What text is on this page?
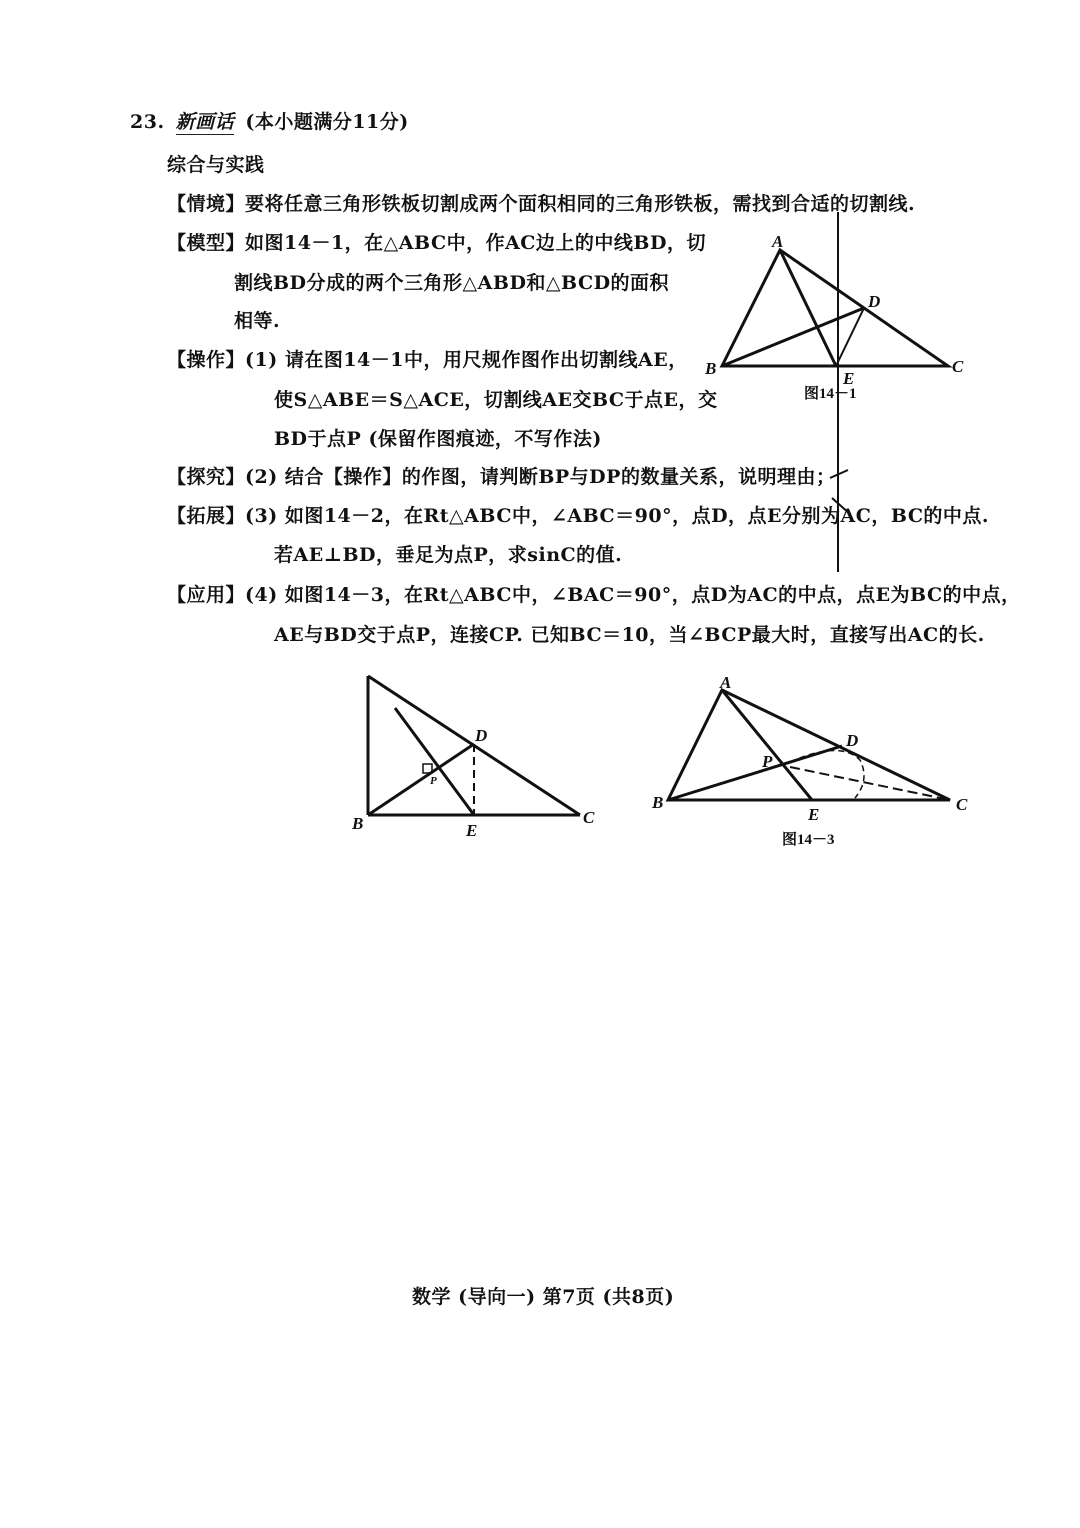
23. 新画话 (本小题满分11分)
综合与实践
【情境】要将任意三角形铁板切割成两个面积相同的三角形铁板，需找到合适的切割线.
【模型】如图14－1，在△ABC中，作AC边上的中线BD，切
割线BD分成的两个三角形△ABD和△BCD的面积
相等.
【操作】(1) 请在图14－1中，用尺规作图作出切割线AE，
使S△ABE＝S△ACE，切割线AE交BC于点E，交
BD于点P (保留作图痕迹，不写作法)
【探究】(2) 结合【操作】的作图，请判断BP与DP的数量关系，说明理由；
【拓展】(3) 如图14－2，在Rt△ABC中，∠ABC＝90°，点D，点E分别为AC，BC的中点.
若AE⊥BD，垂足为点P，求sinC的值.
【应用】(4) 如图14－3，在Rt△ABC中，∠BAC＝90°，点D为AC的中点，点E为BC的中点，
AE与BD交于点P，连接CP. 已知BC＝10，当∠BCP最大时，直接写出AC的长.
A
B	C
D
E
图14－1
B	C
D
E
P
A
B	C
D
E
P
图14－3
数学 (导向一) 第7页 (共8页)
